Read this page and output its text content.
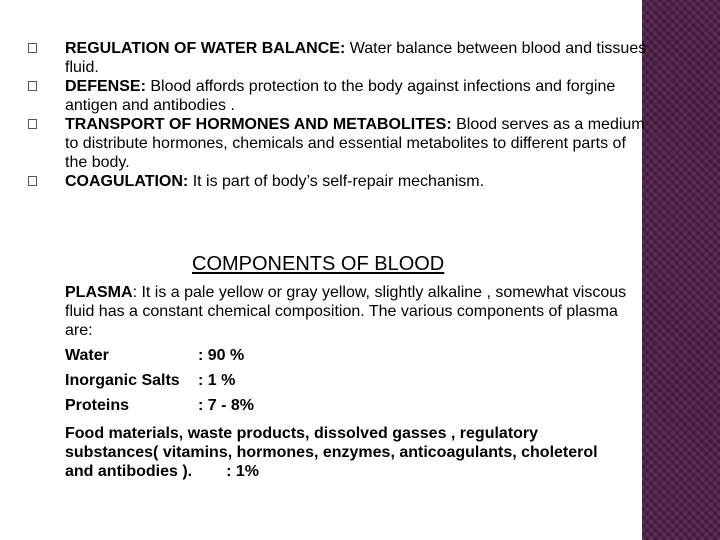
REGULATION OF WATER BALANCE: Water balance between blood and tissues fluid.
DEFENSE: Blood affords protection to the body against infections and forgine antigen and antibodies .
TRANSPORT OF HORMONES AND METABOLITES: Blood serves as a medium to distribute hormones, chemicals and essential metabolites to different parts of the body.
COAGULATION: It is part of body’s self-repair mechanism.
COMPONENTS OF BLOOD

PLASMA: It is a pale yellow or gray yellow, slightly alkaline , somewhat viscous fluid has a constant chemical composition. The various components of plasma are:

Water	: 90 %
Inorganic Salts : 1 %
Proteins	: 7 - 8%

Food materials, waste products, dissolved gasses , regulatory substances( vitamins, hormones, enzymes, anticoagulants, choleterol and antibodies ). : 1%
